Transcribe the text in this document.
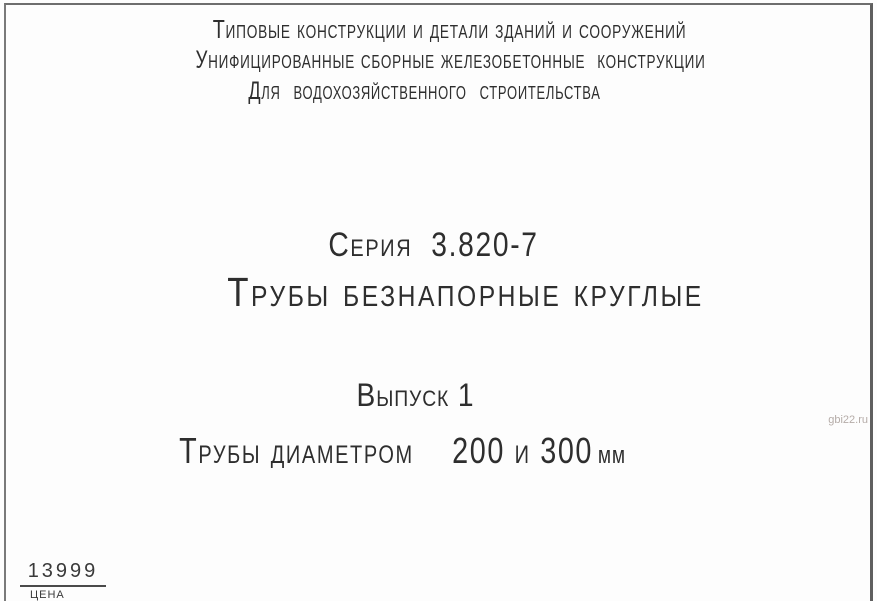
Типовые конструкции и детали зданий и сооружений
Унифицированные сборные железобетонные  конструкции
Для водохозяйственного строительства
Серия  3.820-7
Трубы безнапорные круглые
Выпуск 1
Трубы диаметром    200 и 300 мм
13999
ЦЕНА
gbi22.ru
